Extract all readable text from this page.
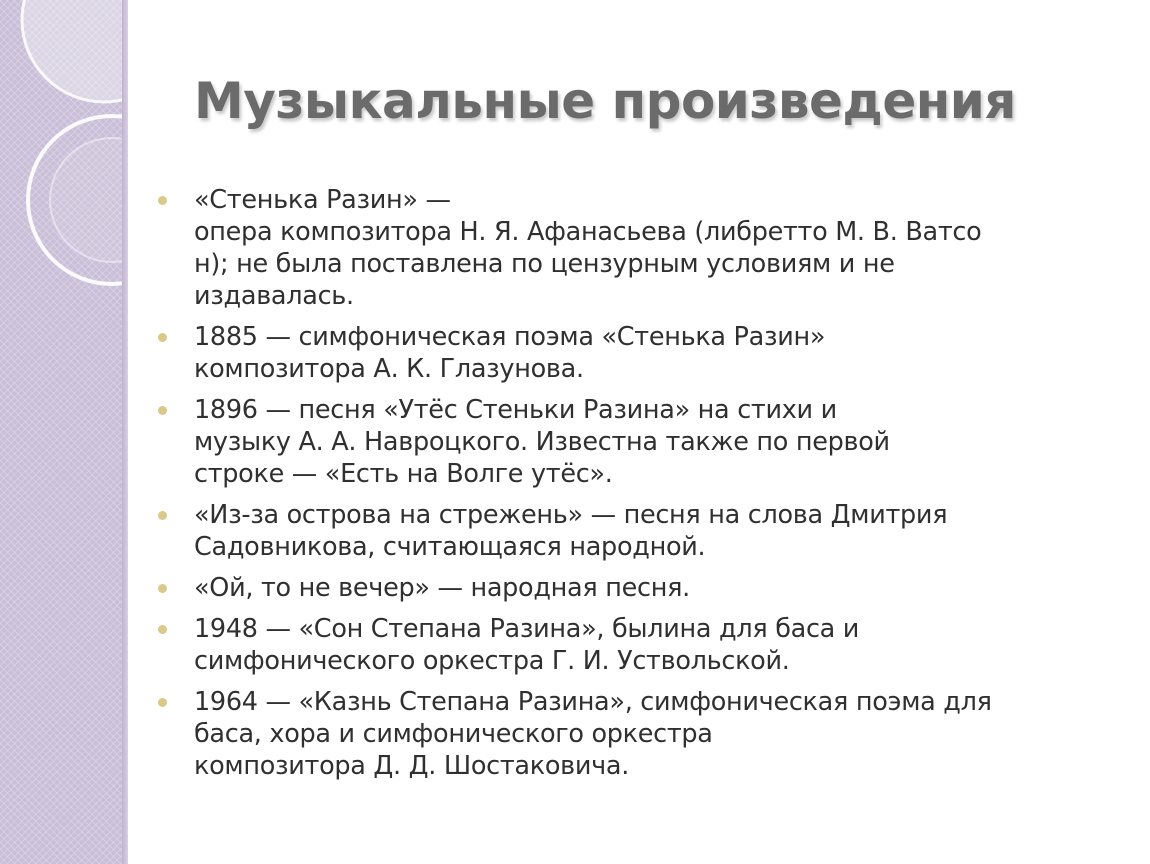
Музыкальные произведения
«Стенька Разин» —
опера композитора Н. Я. Афанасьева (либретто М. В. Ватсо
н); не была поставлена по цензурным условиям и не
издавалась.
1885 — симфоническая поэма «Стенька Разин»
композитора А. К. Глазунова.
1896 — песня «Утёс Стеньки Разина» на стихи и
музыку А. А. Навроцкого. Известна также по первой
строке — «Есть на Волге утёс».
«Из-за острова на стрежень» — песня на слова Дмитрия
Садовникова, считающаяся народной.
«Ой, то не вечер» — народная песня.
1948 — «Сон Степана Разина», былина для баса и
симфонического оркестра Г. И. Уствольской.
1964 — «Казнь Степана Разина», симфоническая поэма для
баса, хора и симфонического оркестра
композитора Д. Д. Шостаковича.
